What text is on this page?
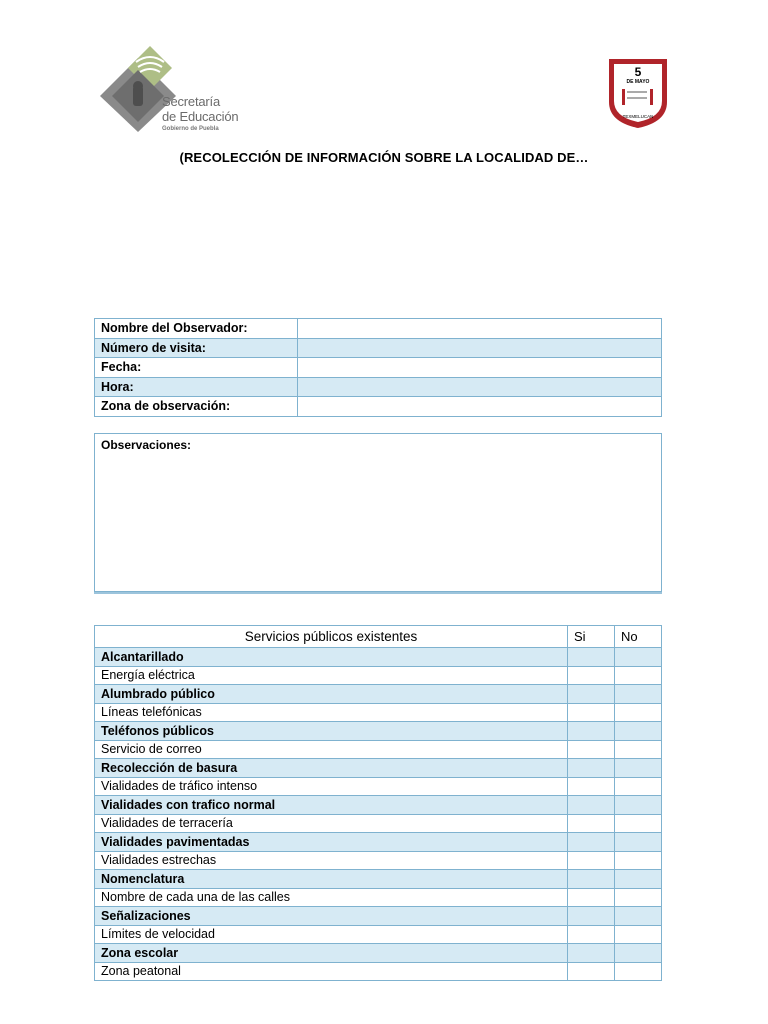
Secretaría
de Educación
Gobierno de Puebla
5
DE MAYO
TEXMELUCAN
(RECOLECCIÓN DE INFORMACIÓN SOBRE LA LOCALIDAD DE…
Nombre del Observador:	
Número de visita:	
Fecha:	
Hora:	
Zona de observación:	
Observaciones:
Servicios públicos existentes	Si	No
Alcantarillado		
Energía eléctrica		
Alumbrado público		
Líneas telefónicas		
Teléfonos públicos		
Servicio de correo		
Recolección de basura		
Vialidades de tráfico intenso		
Vialidades con trafico normal		
Vialidades de terracería		
Vialidades pavimentadas		
Vialidades estrechas		
Nomenclatura		
Nombre de cada una de las calles		
Señalizaciones		
Límites de velocidad		
Zona escolar		
Zona peatonal		
